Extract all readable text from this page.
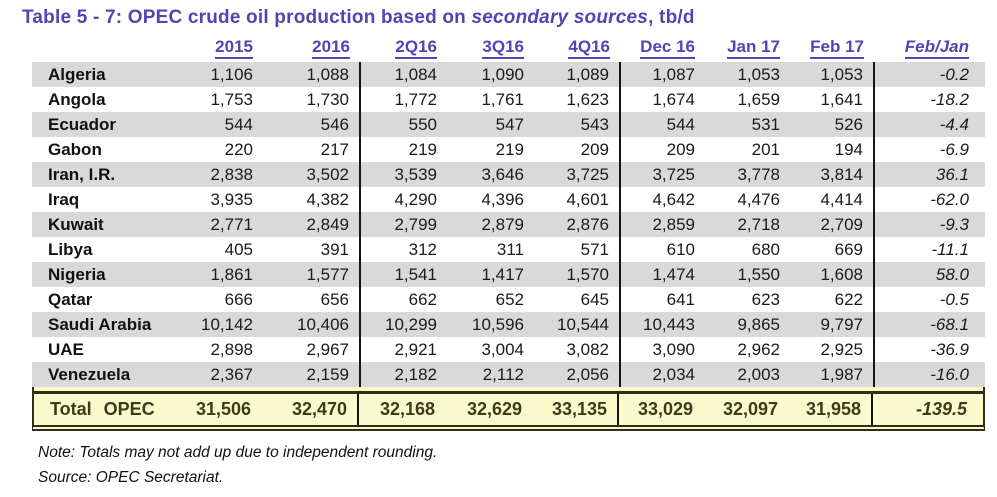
Table 5 - 7: OPEC crude oil production based on secondary sources, tb/d
	2015	2016	2Q16	3Q16	4Q16	Dec 16	Jan 17	Feb 17	Feb/Jan
Algeria	1,106	1,088	1,084	1,090	1,089	1,087	1,053	1,053	-0.2
Angola	1,753	1,730	1,772	1,761	1,623	1,674	1,659	1,641	-18.2
Ecuador	544	546	550	547	543	544	531	526	-4.4
Gabon	220	217	219	219	209	209	201	194	-6.9
Iran, I.R.	2,838	3,502	3,539	3,646	3,725	3,725	3,778	3,814	36.1
Iraq	3,935	4,382	4,290	4,396	4,601	4,642	4,476	4,414	-62.0
Kuwait	2,771	2,849	2,799	2,879	2,876	2,859	2,718	2,709	-9.3
Libya	405	391	312	311	571	610	680	669	-11.1
Nigeria	1,861	1,577	1,541	1,417	1,570	1,474	1,550	1,608	58.0
Qatar	666	656	662	652	645	641	623	622	-0.5
Saudi Arabia	10,142	10,406	10,299	10,596	10,544	10,443	9,865	9,797	-68.1
UAE	2,898	2,967	2,921	3,004	3,082	3,090	2,962	2,925	-36.9
Venezuela	2,367	2,159	2,182	2,112	2,056	2,034	2,003	1,987	-16.0
Total OPEC	31,506	32,470	32,168	32,629	33,135	33,029	32,097	31,958	-139.5
Note: Totals may not add up due to independent rounding.
Source: OPEC Secretariat.
